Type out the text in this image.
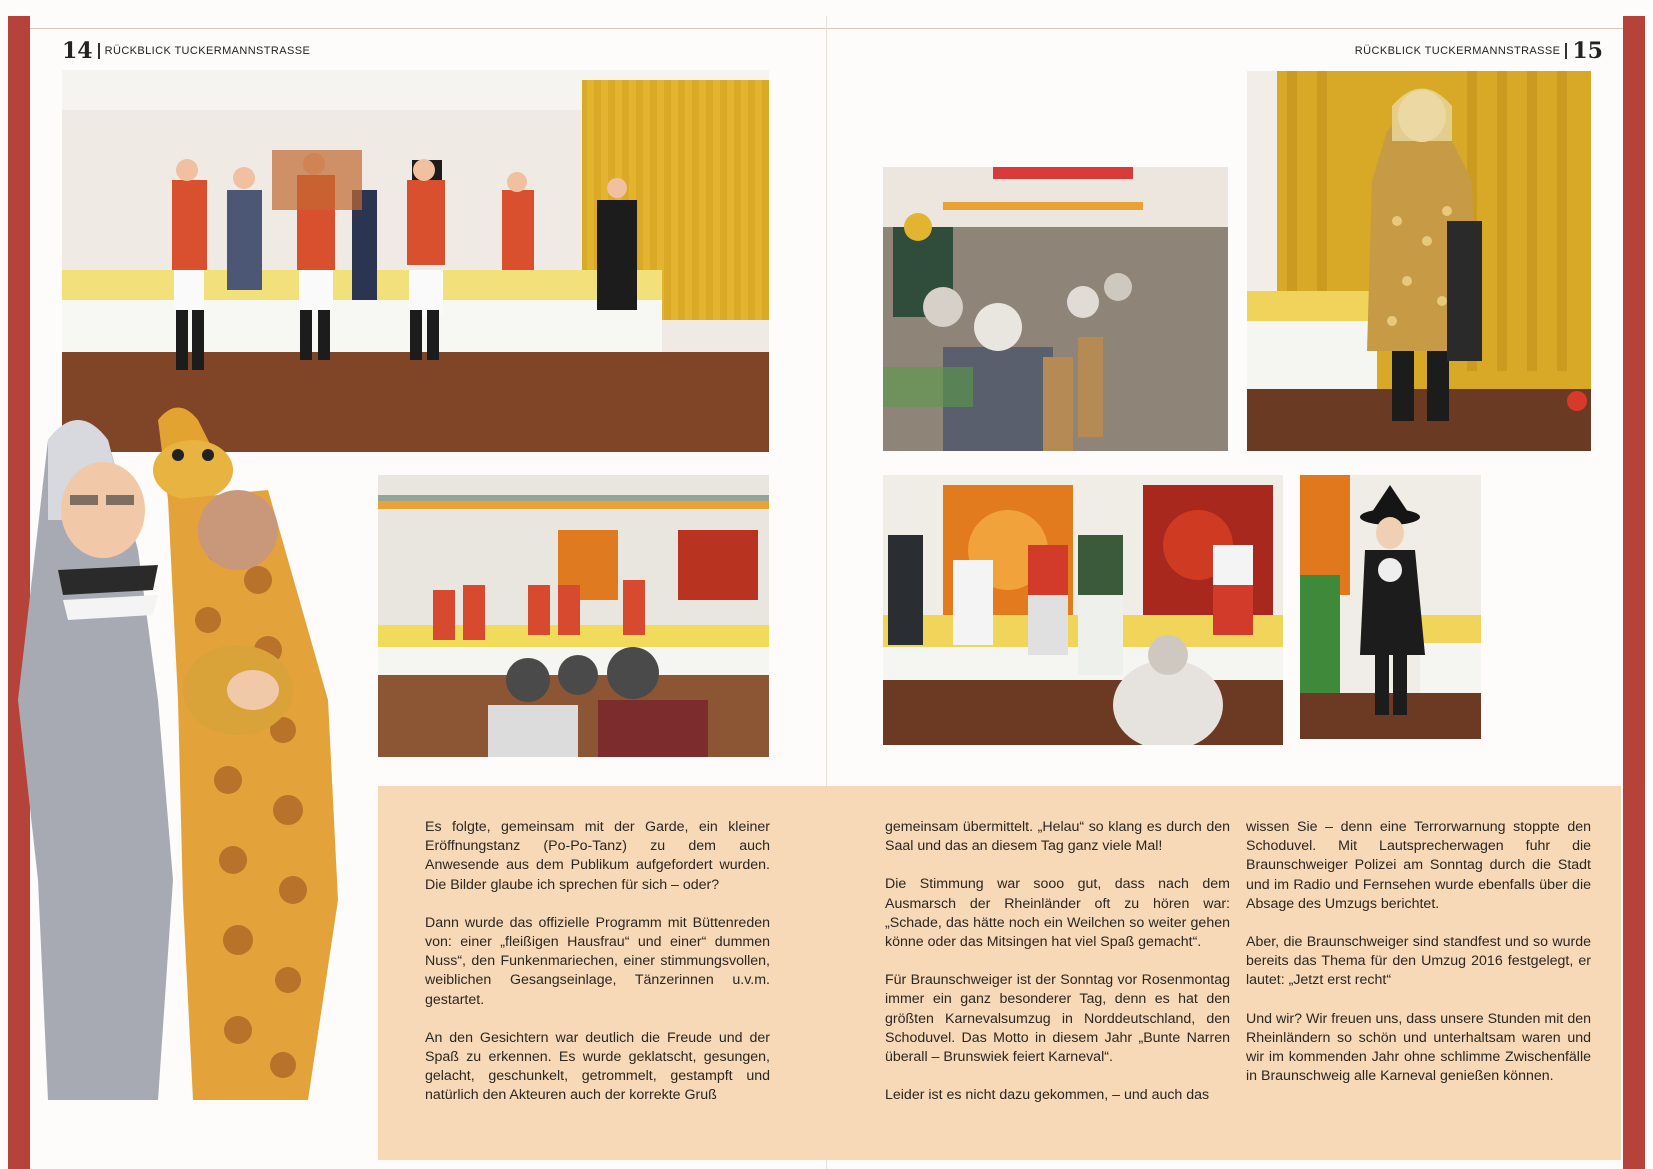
14 RÜCKBLICK TUCKERMANNSTRASSE	RÜCKBLICK TUCKERMANNSTRASSE 15

Es folgte, gemeinsam mit der Garde, ein kleiner Eröffnungstanz (Po-Po-Tanz) zu dem auch Anwesende aus dem Publikum aufgefordert wurden. Die Bilder glaube ich sprechen für sich – oder?

Dann wurde das offizielle Programm mit Büttenreden von: einer „fleißigen Hausfrau“ und einer“ dummen Nuss“, den Funkenmariechen, einer stimmungsvollen, weiblichen Gesangseinlage, Tänzerinnen u.v.m. gestartet.

An den Gesichtern war deutlich die Freude und der Spaß zu erkennen. Es wurde geklatscht, gesungen, gelacht, geschunkelt, getrommelt, gestampft und natürlich den Akteuren auch der korrekte Gruß

gemeinsam übermittelt. „Helau“ so klang es durch den Saal und das an diesem Tag ganz viele Mal!

Die Stimmung war sooo gut, dass nach dem Ausmarsch der Rheinländer oft zu hören war: „Schade, das hätte noch ein Weilchen so weiter gehen könne oder das Mitsingen hat viel Spaß gemacht“.

Für Braunschweiger ist der Sonntag vor Rosenmontag immer ein ganz besonderer Tag, denn es hat den größten Karnevalsumzug in Norddeutschland, den Schoduvel. Das Motto in diesem Jahr „Bunte Narren überall – Brunswiek feiert Karneval“.

Leider ist es nicht dazu gekommen, – und auch das

wissen Sie – denn eine Terrorwarnung stoppte den Schoduvel. Mit Lautsprecherwagen fuhr die Braunschweiger Polizei am Sonntag durch die Stadt und im Radio und Fernsehen wurde ebenfalls über die Absage des Umzugs berichtet.

Aber, die Braunschweiger sind standfest und so wurde bereits das Thema für den Umzug 2016 festgelegt, er lautet: „Jetzt erst recht“

Und wir? Wir freuen uns, dass unsere Stunden mit den Rheinländern so schön und unterhaltsam waren und wir im kommenden Jahr ohne schlimme Zwischenfälle in Braunschweig alle Karneval genießen können.
